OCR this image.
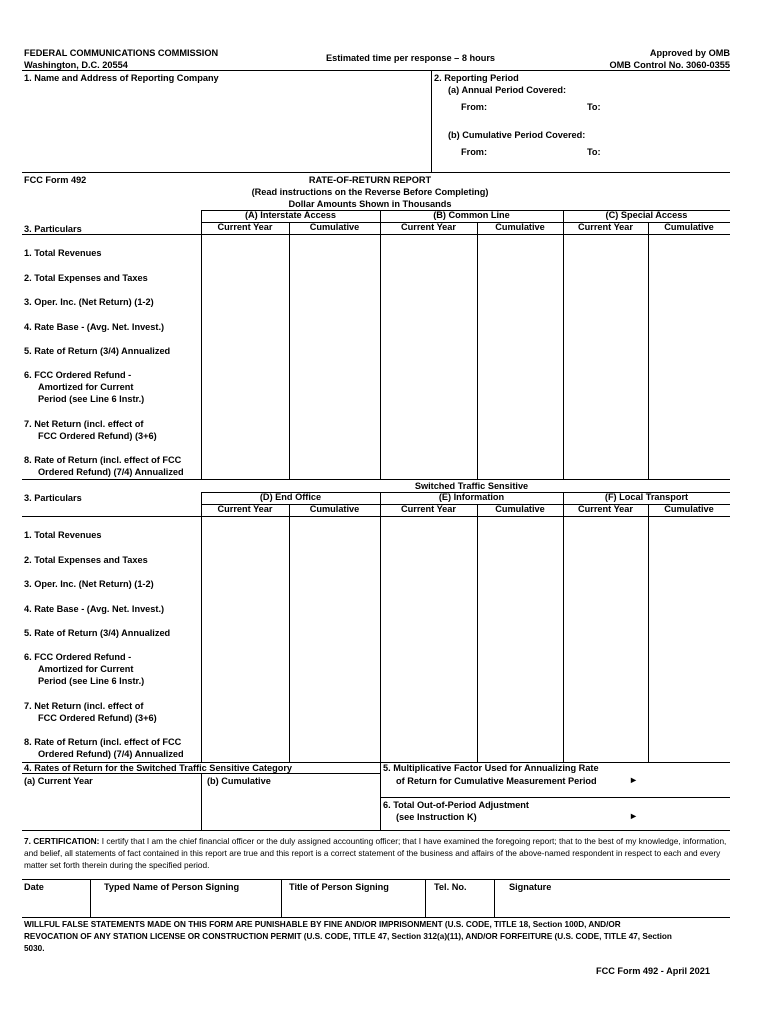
FEDERAL COMMUNICATIONS COMMISSION
Washington, D.C. 20554
Estimated time per response – 8 hours	Approved by OMB
OMB Control No. 3060-0355
1. Name and Address of Reporting Company	2. Reporting Period
(a) Annual Period Covered:
From:	To:
(b) Cumulative Period Covered:
From:	To:
FCC Form 492	RATE-OF-RETURN REPORT
(Read instructions on the Reverse Before Completing)
Dollar Amounts Shown in Thousands
3. Particulars
(A) Interstate Access
Current Year	Cumulative
(B) Common Line
Current Year	Cumulative
(C) Special Access
Current Year	Cumulative
1. Total Revenues
2. Total Expenses and Taxes
3. Oper. Inc. (Net Return) (1-2)
4. Rate Base - (Avg. Net. Invest.)
5. Rate of Return (3/4) Annualized
6. FCC Ordered Refund -
Amortized for Current
Period (see Line 6 Instr.)
7. Net Return (incl. effect of
FCC Ordered Refund) (3+6)
8. Rate of Return (incl. effect of FCC
Ordered Refund) (7/4) Annualized
3. Particulars	(D) End Office
Current Year	Cumulative
(E) Information
Current Year	Cumulative
(F) Local Transport
Current Year	Cumulative
1. Total Revenues
2. Total Expenses and Taxes
3. Oper. Inc. (Net Return) (1-2)
4. Rate Base - (Avg. Net. Invest.)
5. Rate of Return (3/4) Annualized
6. FCC Ordered Refund -
Amortized for Current
Period (see Line 6 Instr.)
7. Net Return (incl. effect of
FCC Ordered Refund) (3+6)
8. Rate of Return (incl. effect of FCC
Ordered Refund) (7/4) Annualized
Switched Traffic Sensitive
4. Rates of Return for the Switched Traffic Sensitive Category
(a) Current Year	(b) Cumulative
5. Multiplicative Factor Used for Annualizing Rate
of Return for Cumulative Measurement Period	►
6. Total Out-of-Period Adjustment
(see Instruction K)	►
7. CERTIFICATION: I certify that I am the chief financial officer or the duly assigned accounting officer; that I have examined the foregoing report; that to the best of my knowledge, information, and belief, all statements of fact contained in this report are true and this report is a correct statement of the business and affairs of the above-named respondent in respect to each and every matter set forth therein during the specified period.
Date	Typed Name of Person Signing	Title of Person Signing	Tel. No.	Signature
WILLFUL FALSE STATEMENTS MADE ON THIS FORM ARE PUNISHABLE BY FINE AND/OR IMPRISONMENT (U.S. CODE, TITLE 18, Section 100D, AND/OR REVOCATION OF ANY STATION LICENSE OR CONSTRUCTION PERMIT (U.S. CODE, TITLE 47, Section 312(a)(11), AND/OR FORFEITURE (U.S. CODE, TITLE 47, Section 5030.
FCC Form 492 - April 2021
